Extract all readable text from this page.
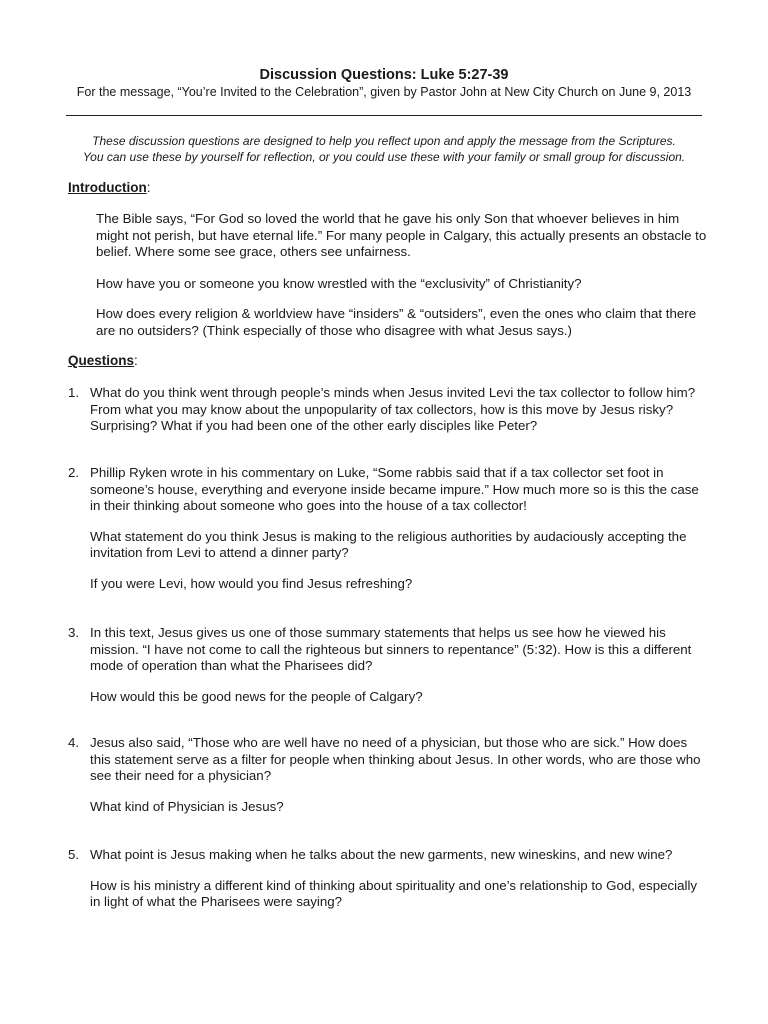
Discussion Questions: Luke 5:27-39

For the message, “You’re Invited to the Celebration”, given by Pastor John at New City Church on June 9, 2013

These discussion questions are designed to help you reflect upon and apply the message from the Scriptures.
You can use these by yourself for reflection, or you could use these with your family or small group for discussion.
Introduction:

The Bible says, “For God so loved the world that he gave his only Son that whoever believes in him might not perish, but have eternal life.” For many people in Calgary, this actually presents an obstacle to belief. Where some see grace, others see unfairness.

How have you or someone you know wrestled with the “exclusivity” of Christianity?

How does every religion & worldview have “insiders” & “outsiders”, even the ones who claim that there are no outsiders? (Think especially of those who disagree with what Jesus says.)

Questions:
1. What do you think went through people’s minds when Jesus invited Levi the tax collector to follow him? From what you may know about the unpopularity of tax collectors, how is this move by Jesus risky? Surprising? What if you had been one of the other early disciples like Peter?

2. Phillip Ryken wrote in his commentary on Luke, “Some rabbis said that if a tax collector set foot in someone’s house, everything and everyone inside became impure.” How much more so is this the case in their thinking about someone who goes into the house of a tax collector!

What statement do you think Jesus is making to the religious authorities by audaciously accepting the invitation from Levi to attend a dinner party?

If you were Levi, how would you find Jesus refreshing?

3. In this text, Jesus gives us one of those summary statements that helps us see how he viewed his mission. “I have not come to call the righteous but sinners to repentance” (5:32). How is this a different mode of operation than what the Pharisees did?

How would this be good news for the people of Calgary?

4. Jesus also said, “Those who are well have no need of a physician, but those who are sick.” How does this statement serve as a filter for people when thinking about Jesus. In other words, who are those who see their need for a physician?

What kind of Physician is Jesus?

5. What point is Jesus making when he talks about the new garments, new wineskins, and new wine?

How is his ministry a different kind of thinking about spirituality and one’s relationship to God, especially in light of what the Pharisees were saying?
